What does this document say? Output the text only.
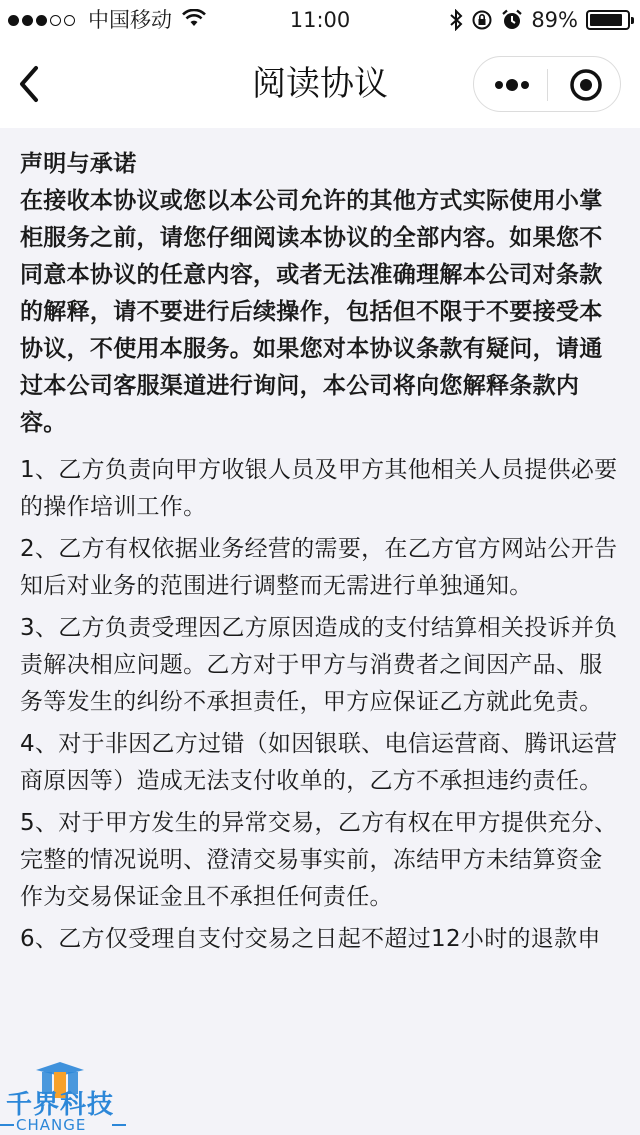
中国移动	11:00	89%
阅读协议

声明与承诺

在接收本协议或您以本公司允许的其他方式实际使用小掌柜服务之前，请您仔细阅读本协议的全部内容。如果您不同意本协议的任意内容，或者无法准确理解本公司对条款的解释，请不要进行后续操作，包括但不限于不要接受本协议，不使用本服务。如果您对本协议条款有疑问，请通过本公司客服渠道进行询问，本公司将向您解释条款内容。

1、乙方负责向甲方收银人员及甲方其他相关人员提供必要的操作培训工作。

2、乙方有权依据业务经营的需要，在乙方官方网站公开告知后对业务的范围进行调整而无需进行单独通知。

3、乙方负责受理因乙方原因造成的支付结算相关投诉并负责解决相应问题。乙方对于甲方与消费者之间因产品、服务等发生的纠纷不承担责任，甲方应保证乙方就此免责。

4、对于非因乙方过错（如因银联、电信运营商、腾讯运营商原因等）造成无法支付收单的，乙方不承担违约责任。

5、对于甲方发生的异常交易，乙方有权在甲方提供充分、完整的情况说明、澄清交易事实前，冻结甲方未结算资金作为交易保证金且不承担任何责任。

6、乙方仅受理自支付交易之日起不超过12小时的退款申

千界科技
CHANGE
